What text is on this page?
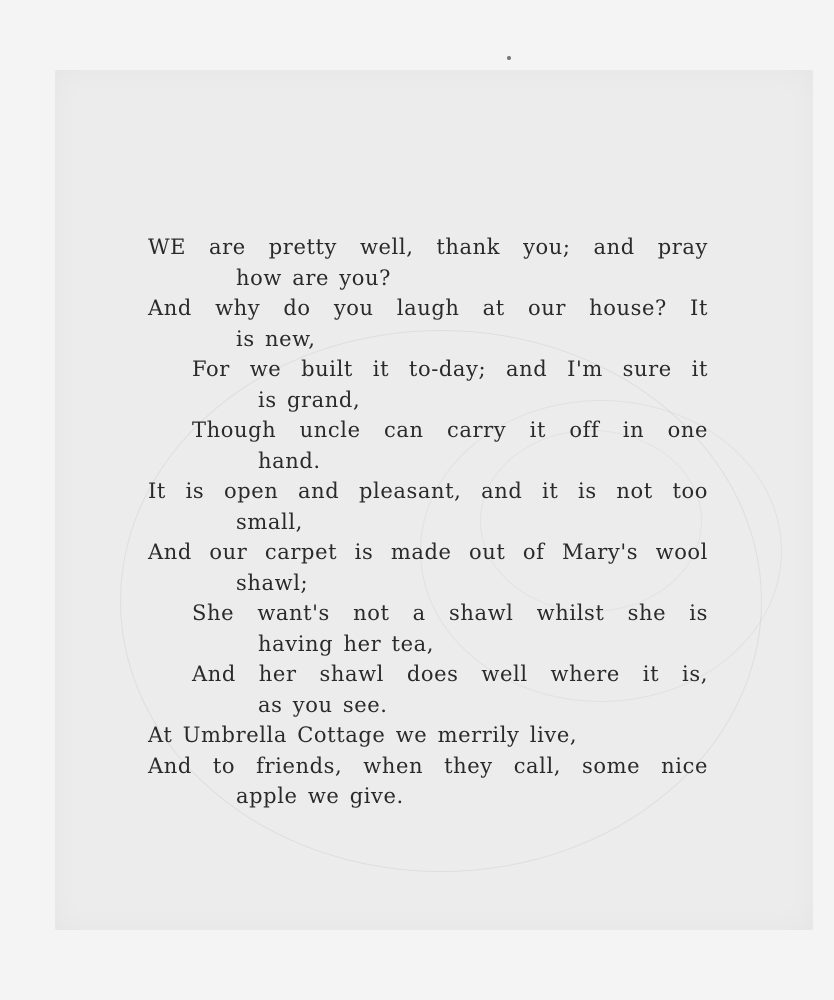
WE are pretty well, thank you; and pray
how are you?
And why do you laugh at our house? It
is new,
For we built it to-day; and I'm sure it
is grand,
Though uncle can carry it off in one
hand.
It is open and pleasant, and it is not too
small,
And our carpet is made out of Mary's wool
shawl;
She want's not a shawl whilst she is
having her tea,
And her shawl does well where it is,
as you see.
At Umbrella Cottage we merrily live,
And to friends, when they call, some nice
apple we give.
